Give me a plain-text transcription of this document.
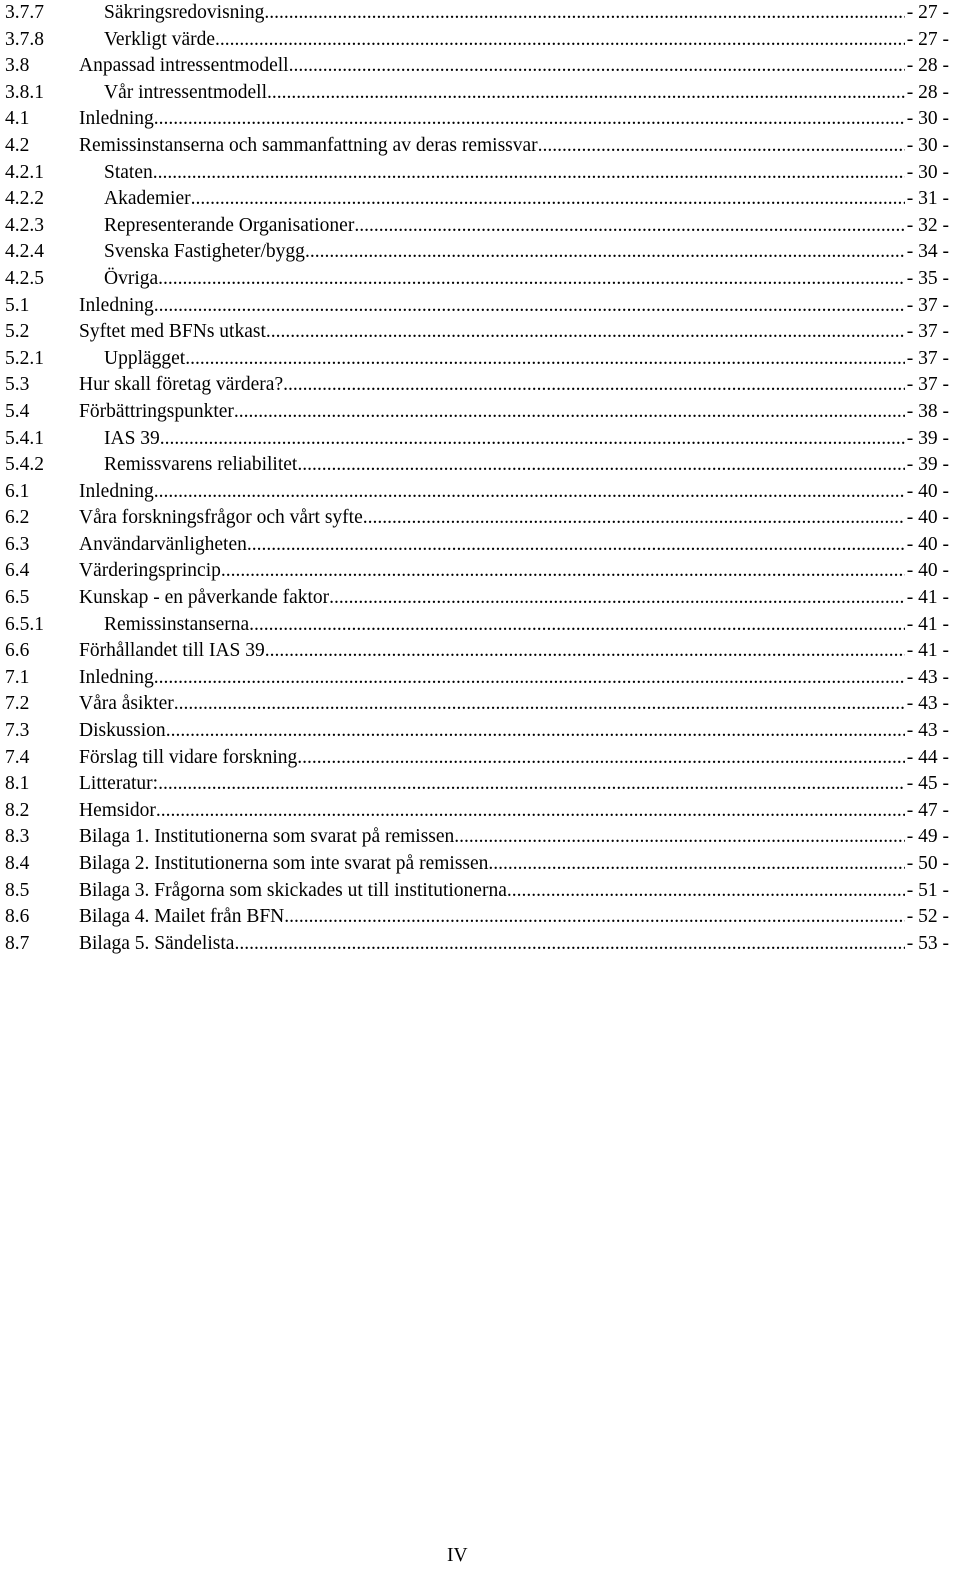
3.7.7	Säkringsredovisning .....	- 27 -
3.7.8	Verkligt värde .....	- 27 -
3.8	Anpassad intressentmodell .....	- 28 -
3.8.1	Vår intressentmodell .....	- 28 -
4.1	Inledning .....	- 30 -
4.2	Remissinstanserna och sammanfattning av deras remissvar .....	- 30 -
4.2.1	Staten .....	- 30 -
4.2.2	Akademier .....	- 31 -
4.2.3	Representerande Organisationer .....	- 32 -
4.2.4	Svenska Fastigheter/bygg .....	- 34 -
4.2.5	Övriga .....	- 35 -
5.1	Inledning .....	- 37 -
5.2	Syftet med BFNs utkast .....	- 37 -
5.2.1	Upplägget .....	- 37 -
5.3	Hur skall företag värdera? .....	- 37 -
5.4	Förbättringspunkter .....	- 38 -
5.4.1	IAS 39 .....	- 39 -
5.4.2	Remissvarens reliabilitet .....	- 39 -
6.1	Inledning .....	- 40 -
6.2	Våra forskningsfrågor och vårt syfte .....	- 40 -
6.3	Användarvänligheten .....	- 40 -
6.4	Värderingsprincip .....	- 40 -
6.5	Kunskap - en påverkande faktor .....	- 41 -
6.5.1	Remissinstanserna .....	- 41 -
6.6	Förhållandet till IAS 39 .....	- 41 -
7.1	Inledning .....	- 43 -
7.2	Våra åsikter .....	- 43 -
7.3	Diskussion .....	- 43 -
7.4	Förslag till vidare forskning .....	- 44 -
8.1	Litteratur: .....	- 45 -
8.2	Hemsidor .....	- 47 -
8.3	Bilaga 1. Institutionerna som svarat på remissen .....	- 49 -
8.4	Bilaga 2. Institutionerna som inte svarat på remissen .....	- 50 -
8.5	Bilaga 3. Frågorna som skickades ut till institutionerna .....	- 51 -
8.6	Bilaga 4. Mailet från BFN .....	- 52 -
8.7	Bilaga 5. Sändelista .....	- 53 -
IV
